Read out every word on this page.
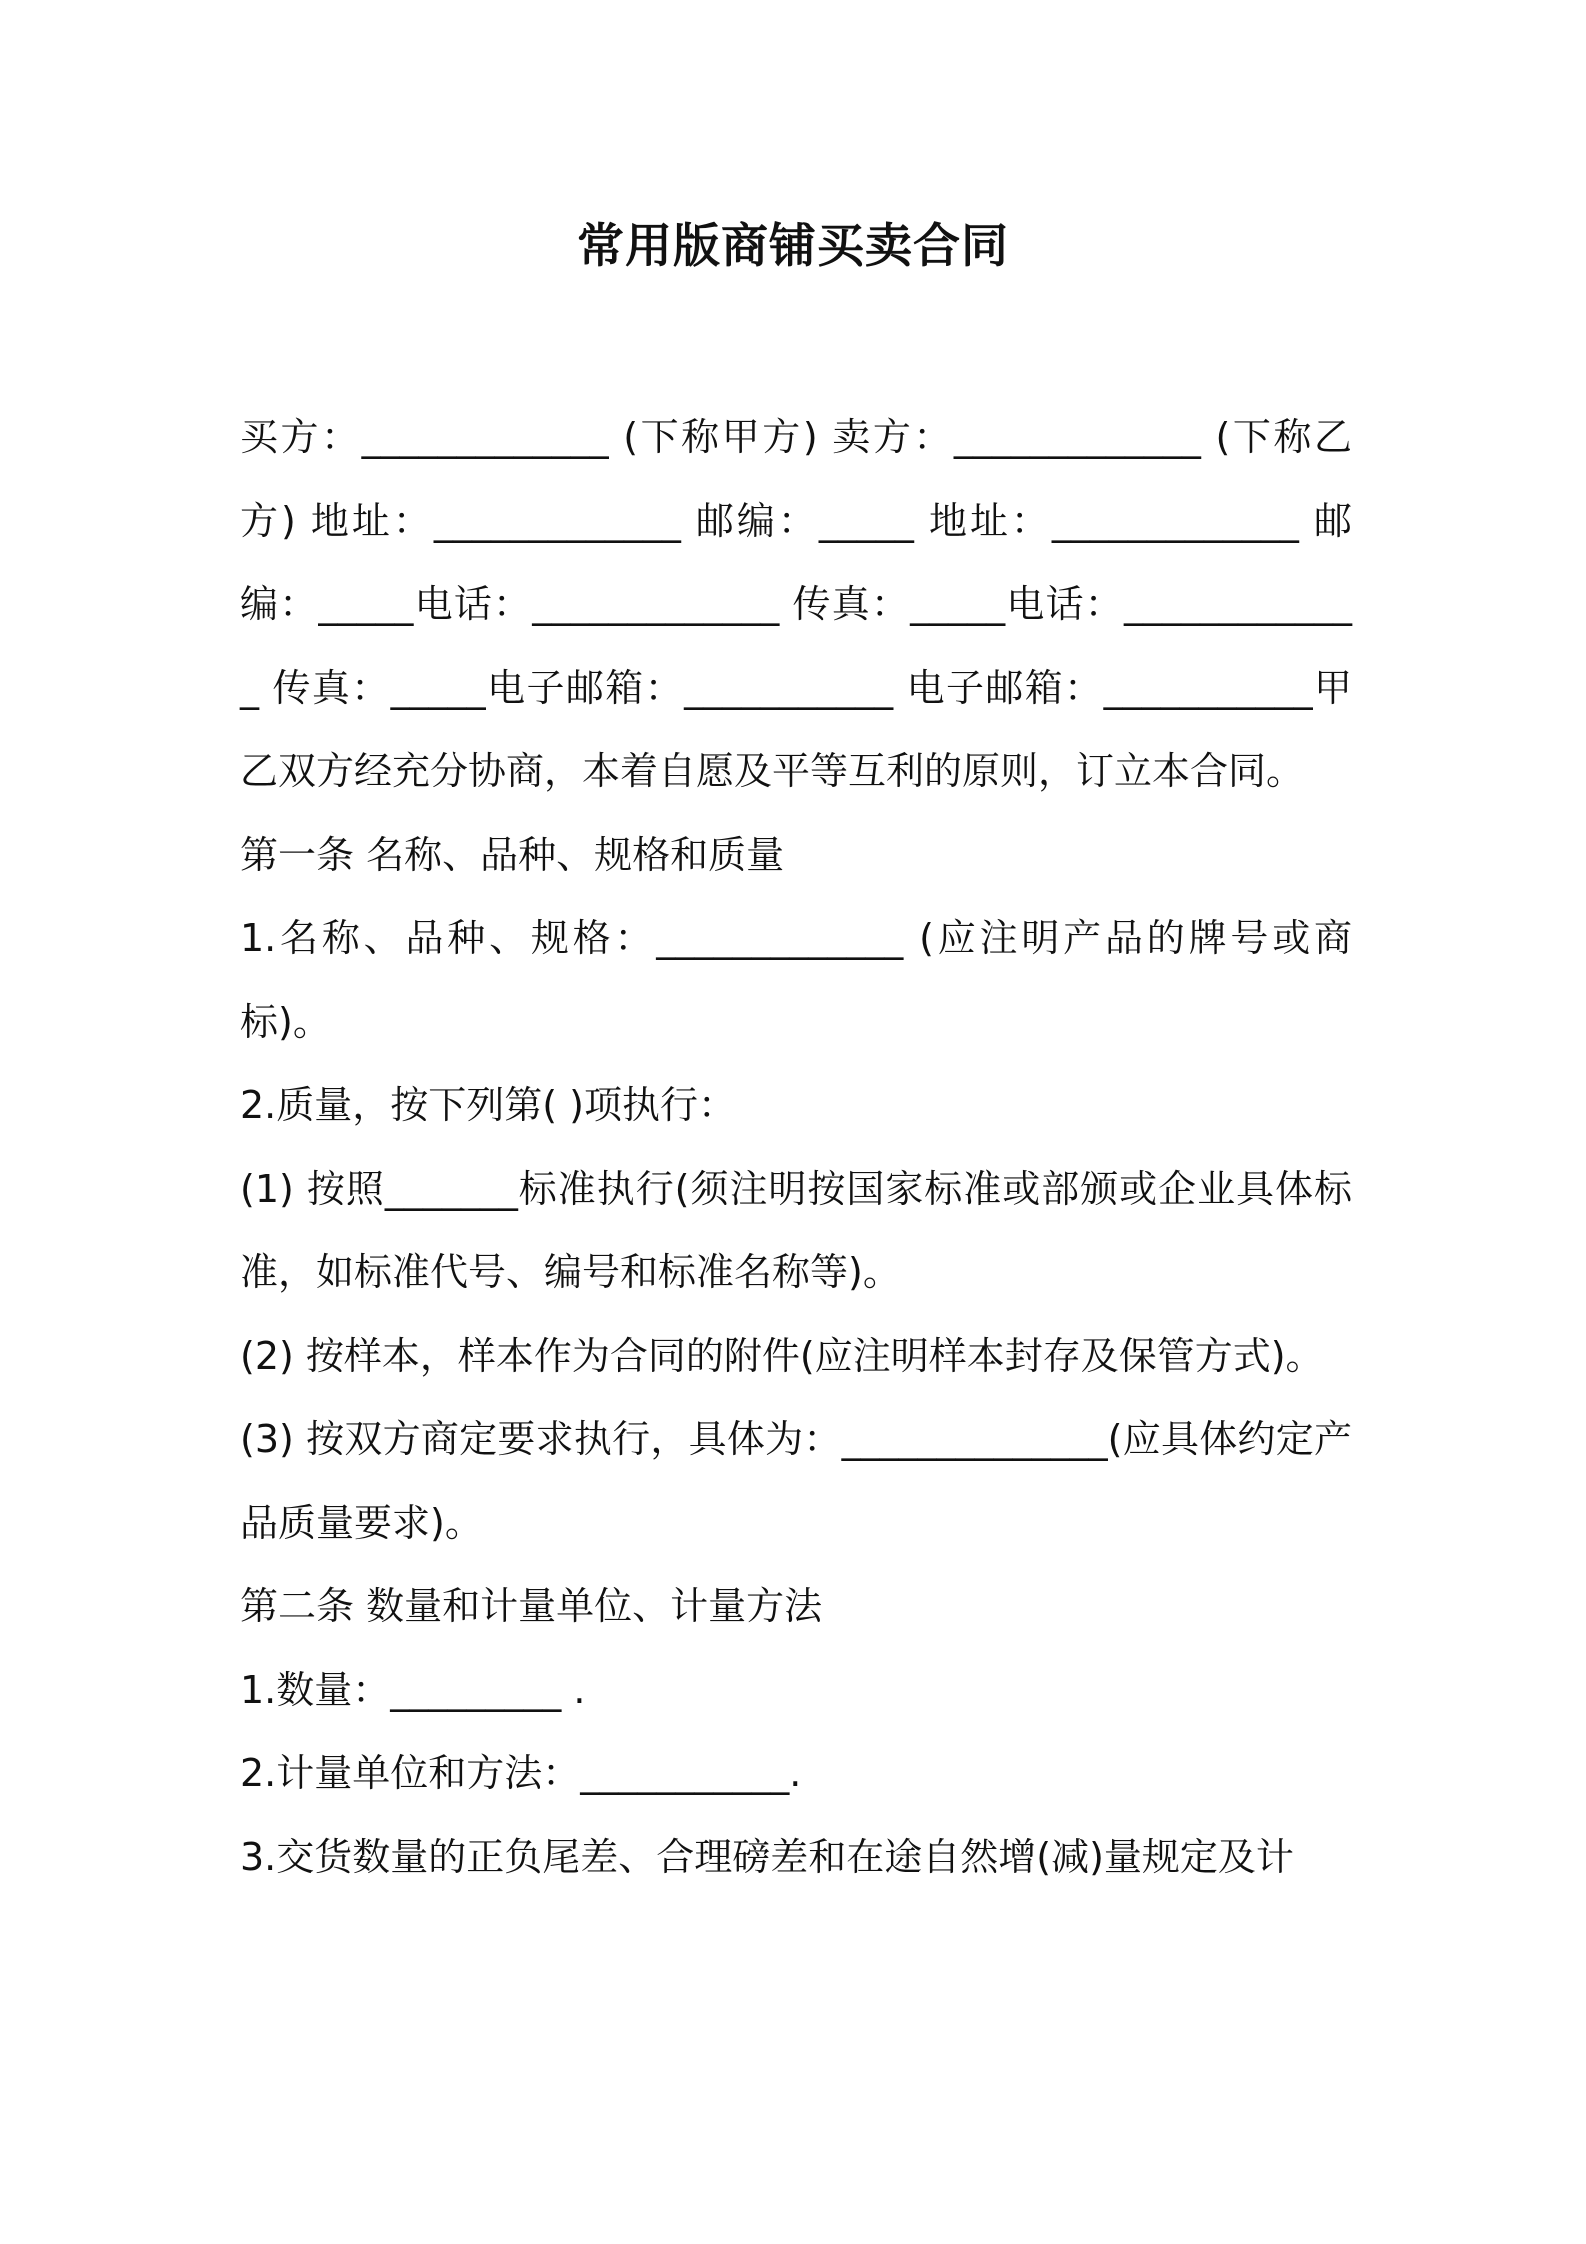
常用版商铺买卖合同

买方：_____________ (下称甲方) 卖方：_____________ (下称乙方) 地址：_____________ 邮编：_____ 地址：_____________ 邮编：_____电话：_____________ 传真：_____电话：_____________ 传真：_____电子邮箱：___________ 电子邮箱：___________甲乙双方经充分协商，本着自愿及平等互利的原则，订立本合同。

第一条 名称、品种、规格和质量

1.名称、品种、规格：_____________ (应注明产品的牌号或商标)。

2.质量，按下列第( )项执行：

(1) 按照_______标准执行(须注明按国家标准或部颁或企业具体标准，如标准代号、编号和标准名称等)。

(2) 按样本，样本作为合同的附件(应注明样本封存及保管方式)。

(3) 按双方商定要求执行，具体为：______________(应具体约定产品质量要求)。

第二条 数量和计量单位、计量方法

1.数量：_________ .

2.计量单位和方法：___________.

3.交货数量的正负尾差、合理磅差和在途自然增(减)量规定及计
